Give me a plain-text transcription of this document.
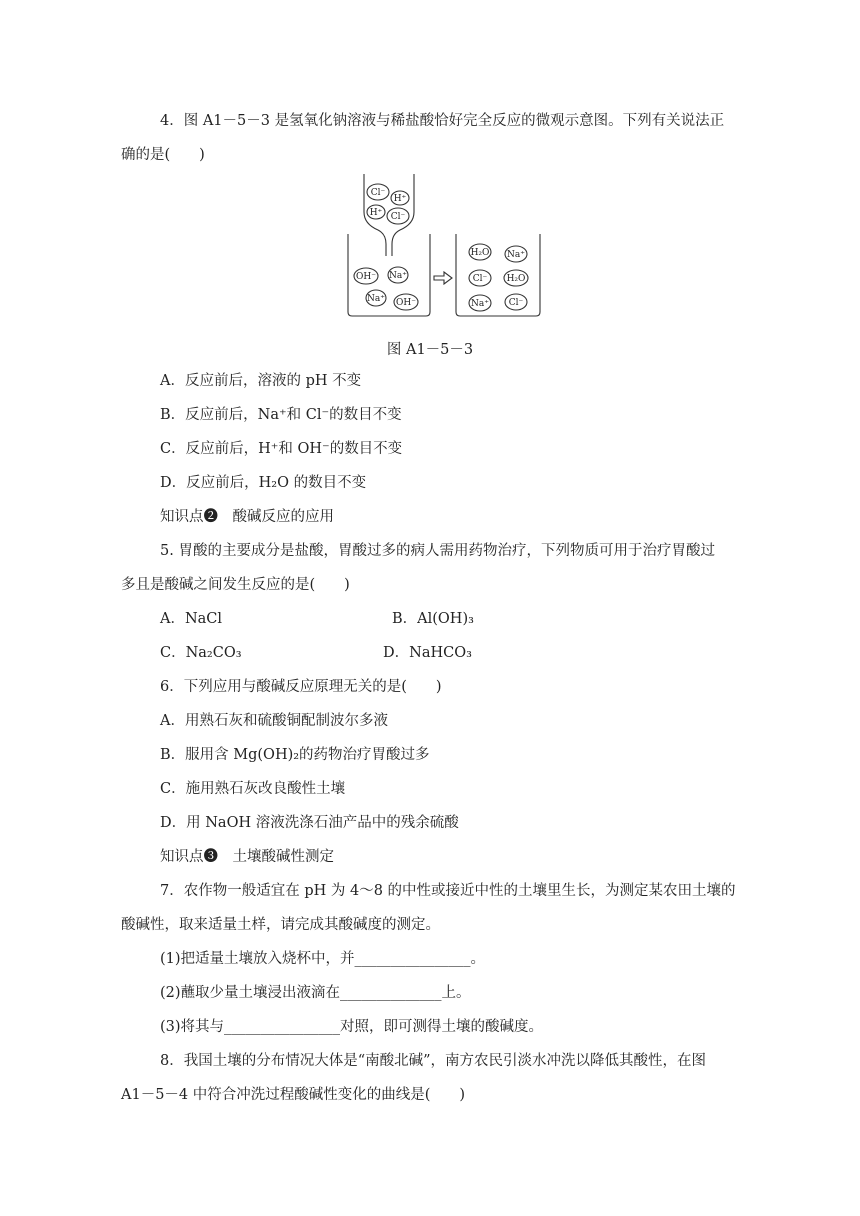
4．图 A1－5－3 是氢氧化钠溶液与稀盐酸恰好完全反应的微观示意图。下列有关说法正
确的是(　　)
Cl⁻
H⁺
H⁺ Cl⁻
OH⁻ Na⁺
Na⁺ OH⁻
H₂O Na⁺
Cl⁻ H₂O
Na⁺ Cl⁻
图 A1－5－3
A．反应前后，溶液的 pH 不变
B．反应前后，Na⁺和 Cl⁻的数目不变
C．反应前后，H⁺和 OH⁻的数目不变
D．反应前后，H₂O 的数目不变
知识点❷　酸碱反应的应用
5. 胃酸的主要成分是盐酸，胃酸过多的病人需用药物治疗，下列物质可用于治疗胃酸过
多且是酸碱之间发生反应的是(　　)
A．NaCl	B．Al(OH)₃
C．Na₂CO₃	D．NaHCO₃
6．下列应用与酸碱反应原理无关的是(　　)
A．用熟石灰和硫酸铜配制波尔多液
B．服用含 Mg(OH)₂的药物治疗胃酸过多
C．施用熟石灰改良酸性土壤
D．用 NaOH 溶液洗涤石油产品中的残余硫酸
知识点❸　土壤酸碱性测定
7．农作物一般适宜在 pH 为 4～8 的中性或接近中性的土壤里生长，为测定某农田土壤的
酸碱性，取来适量土样，请完成其酸碱度的测定。
(1)把适量土壤放入烧杯中，并________________。
(2)蘸取少量土壤浸出液滴在______________上。
(3)将其与________________对照，即可测得土壤的酸碱度。
8．我国土壤的分布情况大体是“南酸北碱”，南方农民引淡水冲洗以降低其酸性，在图
A1－5－4 中符合冲洗过程酸碱性变化的曲线是(　　)
